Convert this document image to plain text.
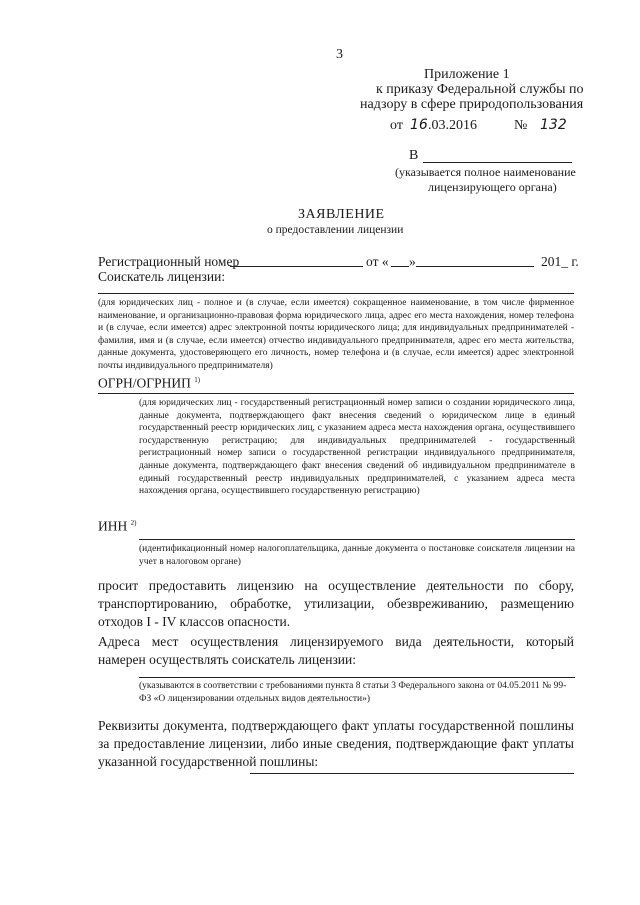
3
Приложение 1
к приказу Федеральной службы по
надзору в сфере природопользования
от 16 .03.2016	№ 132
В
(указывается полное наименование
лицензирующего органа)
ЗАЯВЛЕНИЕ
о предоставлении лицензии
Регистрационный номер	от « »	201_ г.
Соискатель лицензии:
(для юридических лиц - полное и (в случае, если имеется) сокращенное наименование, в том числе фирменное наименование, и организационно-правовая форма юридического лица, адрес его места нахождения, номер телефона и (в случае, если имеется) адрес электронной почты юридического лица; для индивидуальных предпринимателей - фамилия, имя и (в случае, если имеется) отчество индивидуального предпринимателя, адрес его места жительства, данные документа, удостоверяющего его личность, номер телефона и (в случае, если имеется) адрес электронной почты индивидуального предпринимателя)
ОГРН/ОГРНИП $^{1)}$
(для юридических лиц - государственный регистрационный номер записи о создании юридического лица, данные документа, подтверждающего факт внесения сведений о юридическом лице в единый государственный реестр юридических лиц, с указанием адреса места нахождения органа, осуществившего государственную регистрацию; для индивидуальных предпринимателей - государственный регистрационный номер записи о государственной регистрации индивидуального предпринимателя, данные документа, подтверждающего факт внесения сведений об индивидуальном предпринимателе в единый государственный реестр индивидуальных предпринимателей, с указанием адреса места нахождения органа, осуществившего государственную регистрацию)
ИНН $^{2)}$
(идентификационный номер налогоплательщика, данные документа о постановке соискателя лицензии на учет в налоговом органе)
просит предоставить лицензию на осуществление деятельности по сбору, транспортированию, обработке, утилизации, обезвреживанию, размещению отходов I - IV классов опасности.
Адреса мест осуществления лицензируемого вида деятельности, который намерен осуществлять соискатель лицензии:
(указываются в соответствии с требованиями пункта 8 статьи 3 Федерального закона от 04.05.2011 № 99-ФЗ «О лицензировании отдельных видов деятельности»)
Реквизиты документа, подтверждающего факт уплаты государственной пошлины за предоставление лицензии, либо иные сведения, подтверждающие факт уплаты указанной государственной пошлины:
